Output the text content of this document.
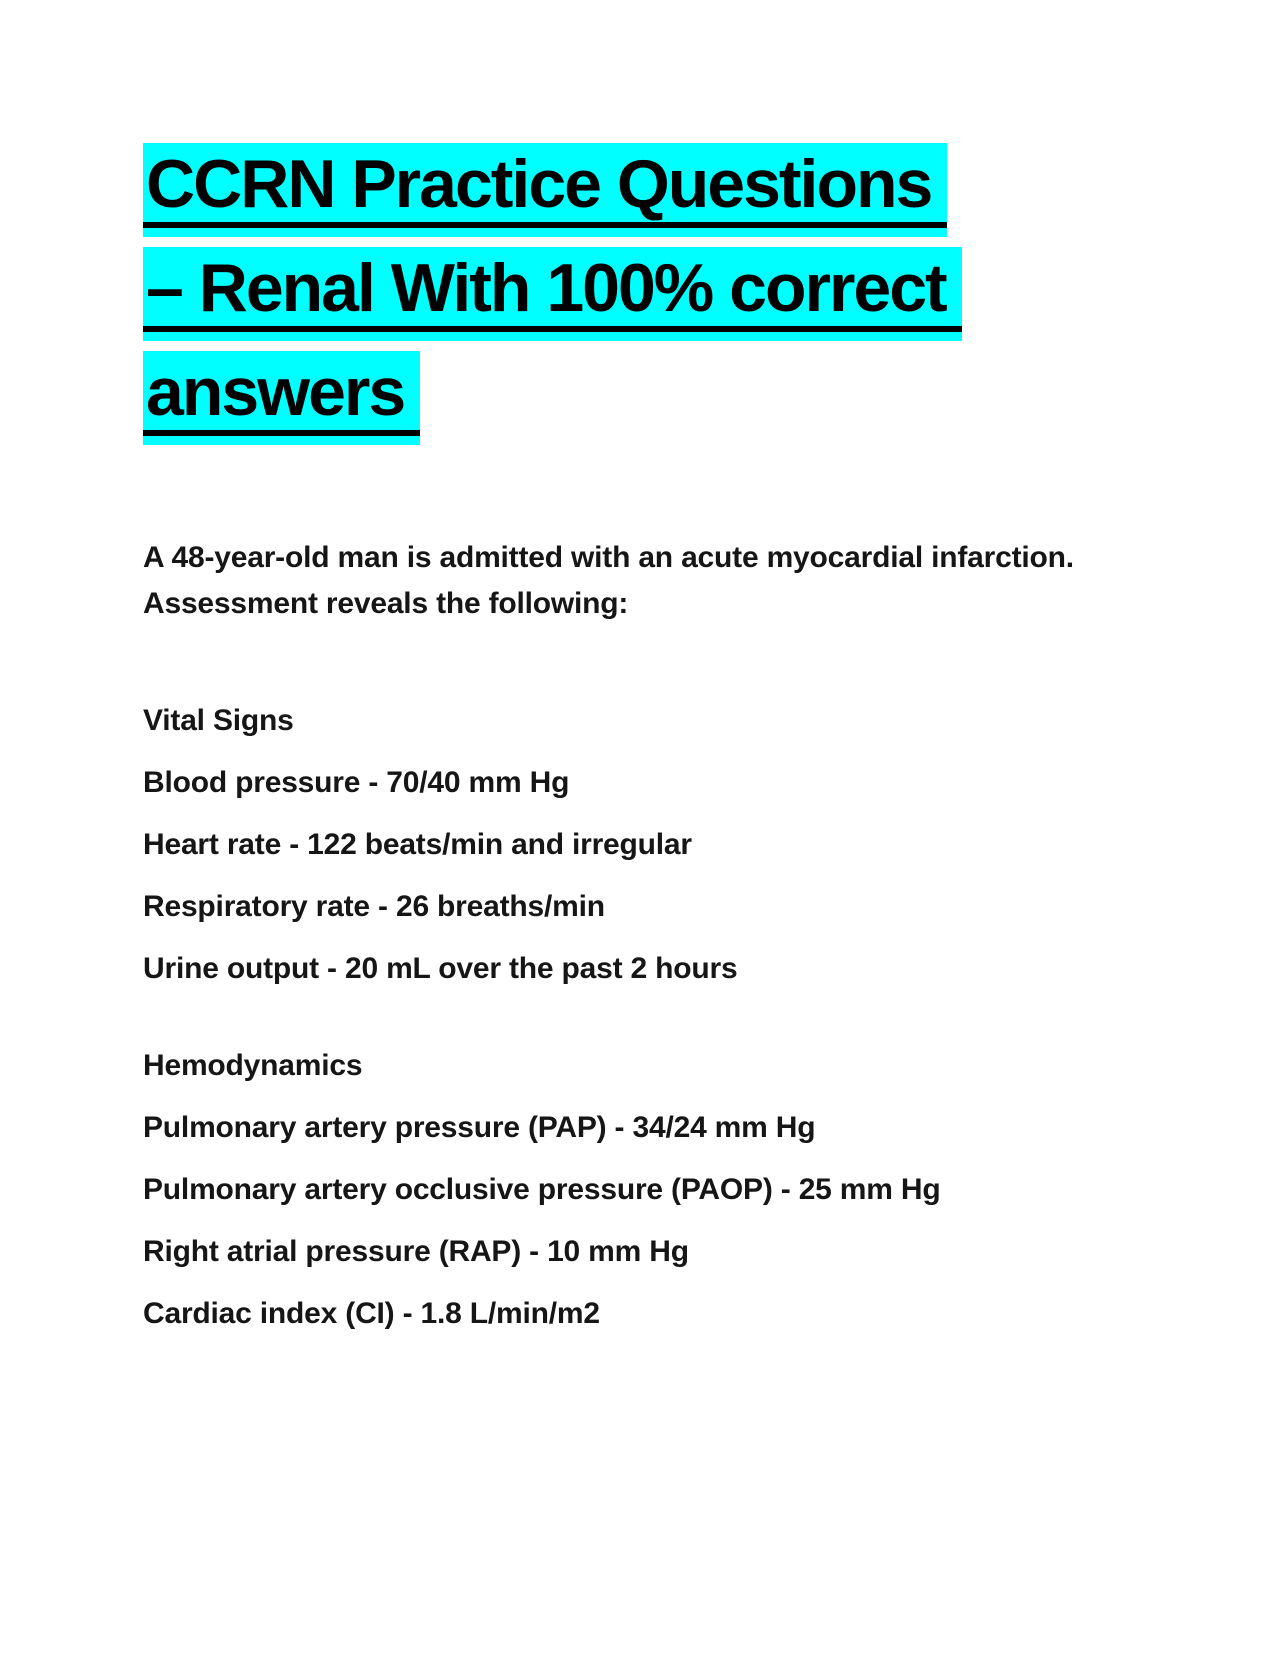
CCRN Practice Questions
– Renal With 100% correct
answers

A 48-year-old man is admitted with an acute myocardial infarction. Assessment reveals the following:

Vital Signs

Blood pressure - 70/40 mm Hg

Heart rate - 122 beats/min and irregular

Respiratory rate - 26 breaths/min

Urine output - 20 mL over the past 2 hours

Hemodynamics

Pulmonary artery pressure (PAP) - 34/24 mm Hg

Pulmonary artery occlusive pressure (PAOP) - 25 mm Hg

Right atrial pressure (RAP) - 10 mm Hg

Cardiac index (CI) - 1.8 L/min/m2
